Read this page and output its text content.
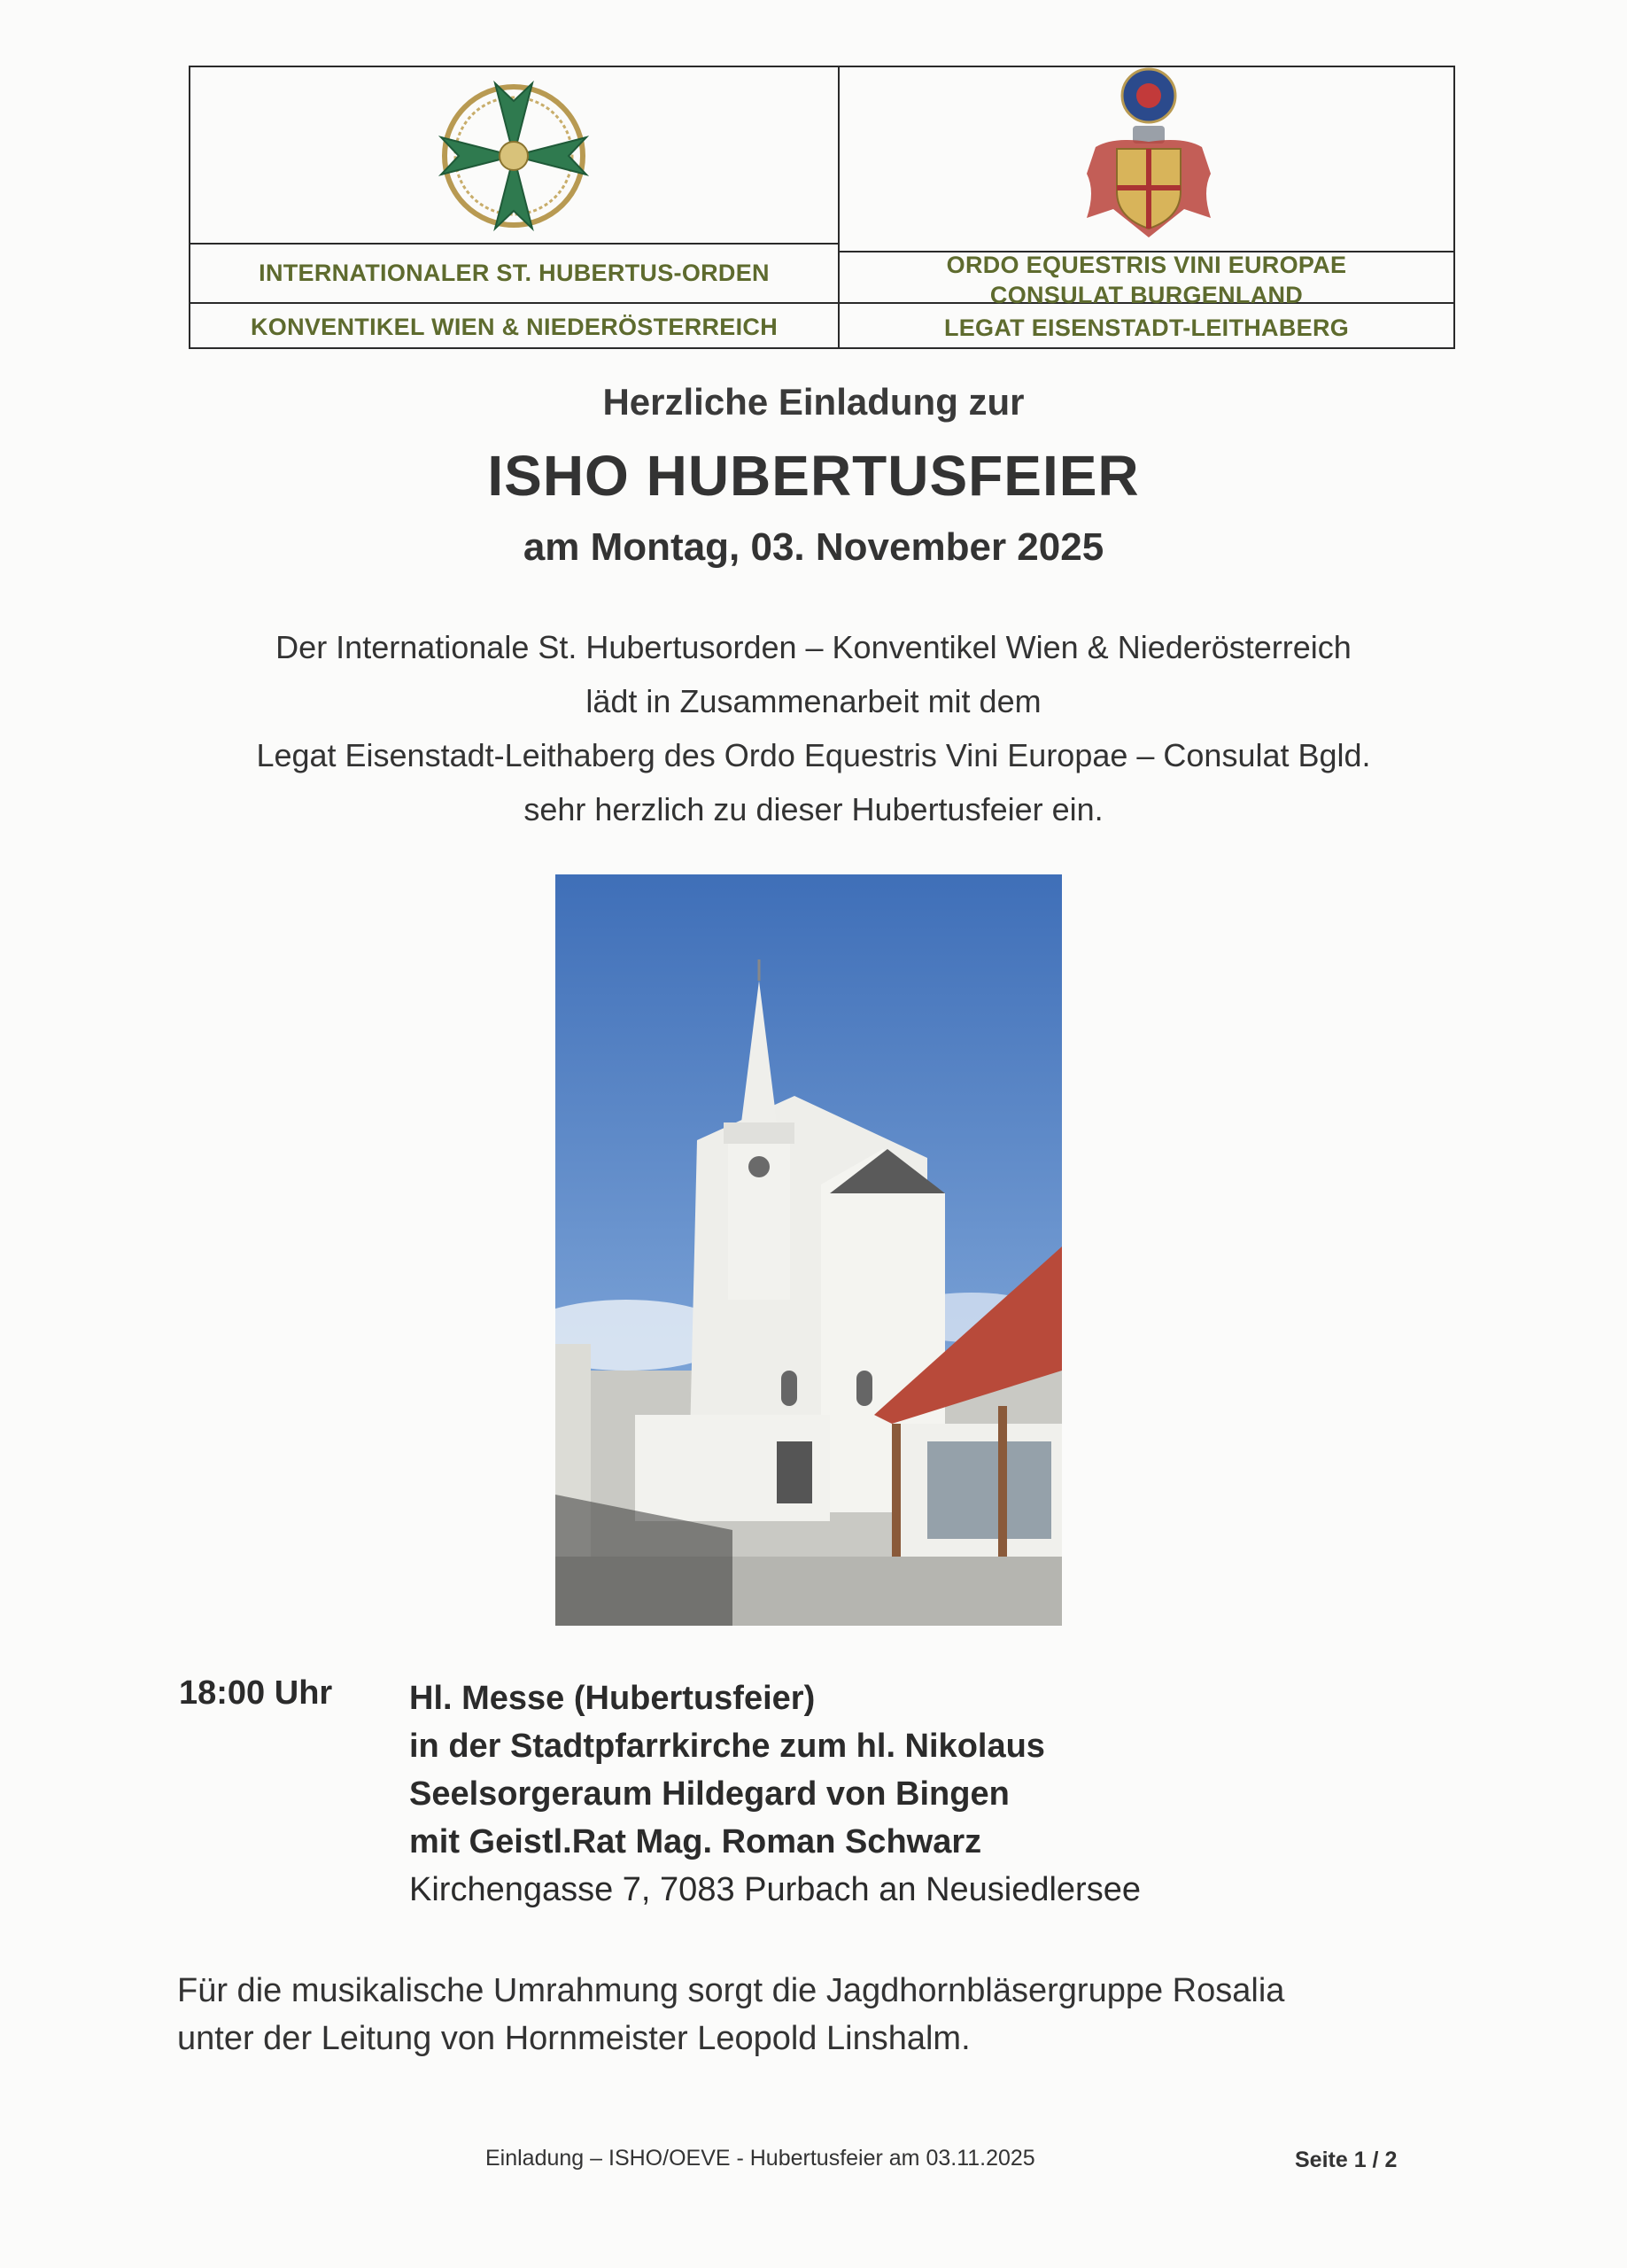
INTERNATIONALER ST. HUBERTUS-ORDEN
KONVENTIKEL WIEN & NIEDERÖSTERREICH
ORDO EQUESTRIS VINI EUROPAE
CONSULAT BURGENLAND
LEGAT EISENSTADT-LEITHABERG
Herzliche Einladung zur
ISHO HUBERTUSFEIER
am Montag, 03. November 2025
Der Internationale St. Hubertusorden – Konventikel Wien & Niederösterreich
lädt in Zusammenarbeit mit dem
Legat Eisenstadt-Leithaberg des Ordo Equestris Vini Europae – Consulat Bgld.
sehr herzlich zu dieser Hubertusfeier ein.
18:00 Uhr Hl. Messe (Hubertusfeier)
in der Stadtpfarrkirche zum hl. Nikolaus
Seelsorgeraum Hildegard von Bingen
mit Geistl.Rat Mag. Roman Schwarz
Kirchengasse 7, 7083 Purbach an Neusiedlersee
Für die musikalische Umrahmung sorgt die Jagdhornbläsergruppe Rosalia
unter der Leitung von Hornmeister Leopold Linshalm.
Einladung – ISHO/OEVE - Hubertusfeier am 03.11.2025	Seite 1 / 2
